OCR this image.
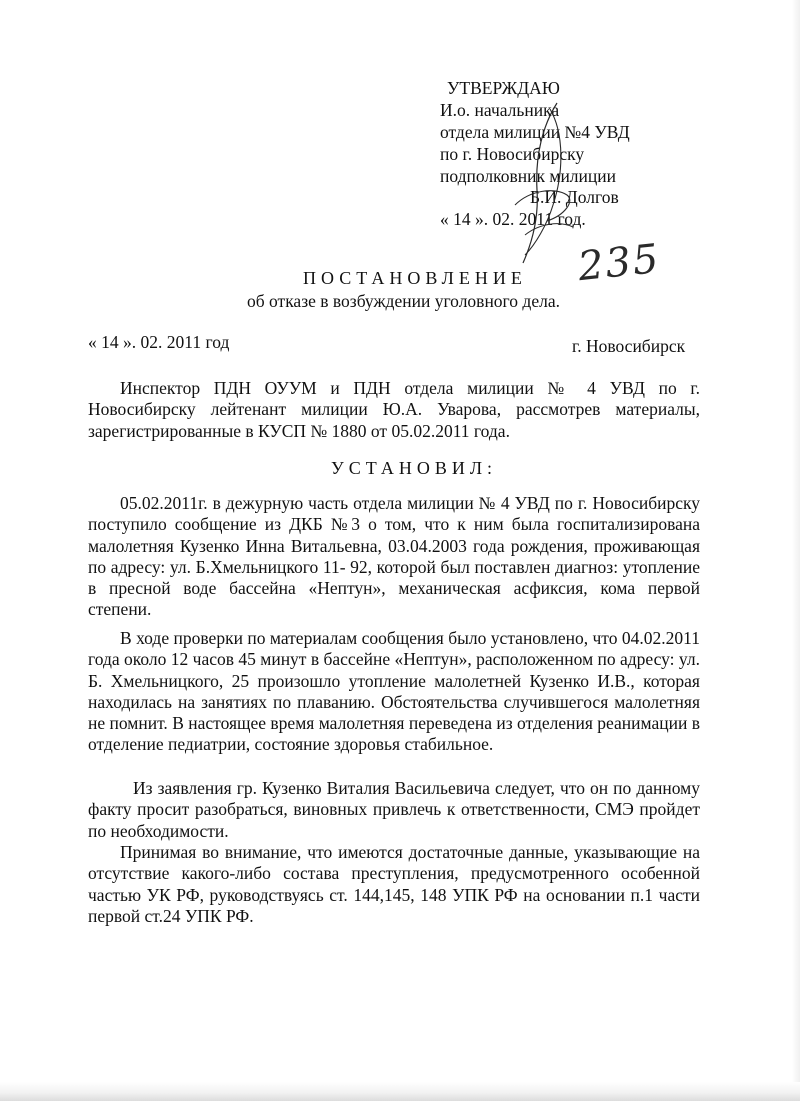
УТВЕРЖДАЮ
И.о. начальника
отдела милиции №4 УВД
по г. Новосибирску
подполковник милиции
Б.И. Долгов
« 14 ». 02. 2011 год.
235
ПОСТАНОВЛЕНИЕ
об отказе в возбуждении уголовного дела.
« 14 ». 02. 2011 год	г. Новосибирск
Инспектор ПДН ОУУМ и ПДН отдела милиции № 4 УВД по г. Новосибирску лейтенант милиции Ю.А. Уварова, рассмотрев материалы, зарегистрированные в КУСП № 1880 от 05.02.2011 года.
УСТАНОВИЛ:
05.02.2011г. в дежурную часть отдела милиции № 4 УВД по г. Новосибирску поступило сообщение из ДКБ №3 о том, что к ним была госпитализирована малолетняя Кузенко Инна Витальевна, 03.04.2003 года рождения, проживающая по адресу: ул. Б.Хмельницкого 11- 92, которой был поставлен диагноз: утопление в пресной воде бассейна «Нептун», механическая асфиксия, кома первой степени.
В ходе проверки по материалам сообщения было установлено, что 04.02.2011 года около 12 часов 45 минут в бассейне «Нептун», расположенном по адресу: ул. Б. Хмельницкого, 25 произошло утопление малолетней Кузенко И.В., которая находилась на занятиях по плаванию. Обстоятельства случившегося малолетняя не помнит. В настоящее время малолетняя переведена из отделения реанимации в отделение педиатрии, состояние здоровья стабильное.
Из заявления гр. Кузенко Виталия Васильевича следует, что он по данному факту просит разобраться, виновных привлечь к ответственности, СМЭ пройдет по необходимости.
Принимая во внимание, что имеются достаточные данные, указывающие на отсутствие какого-либо состава преступления, предусмотренного особенной частью УК РФ, руководствуясь ст. 144,145, 148 УПК РФ на основании п.1 части первой ст.24 УПК РФ.
